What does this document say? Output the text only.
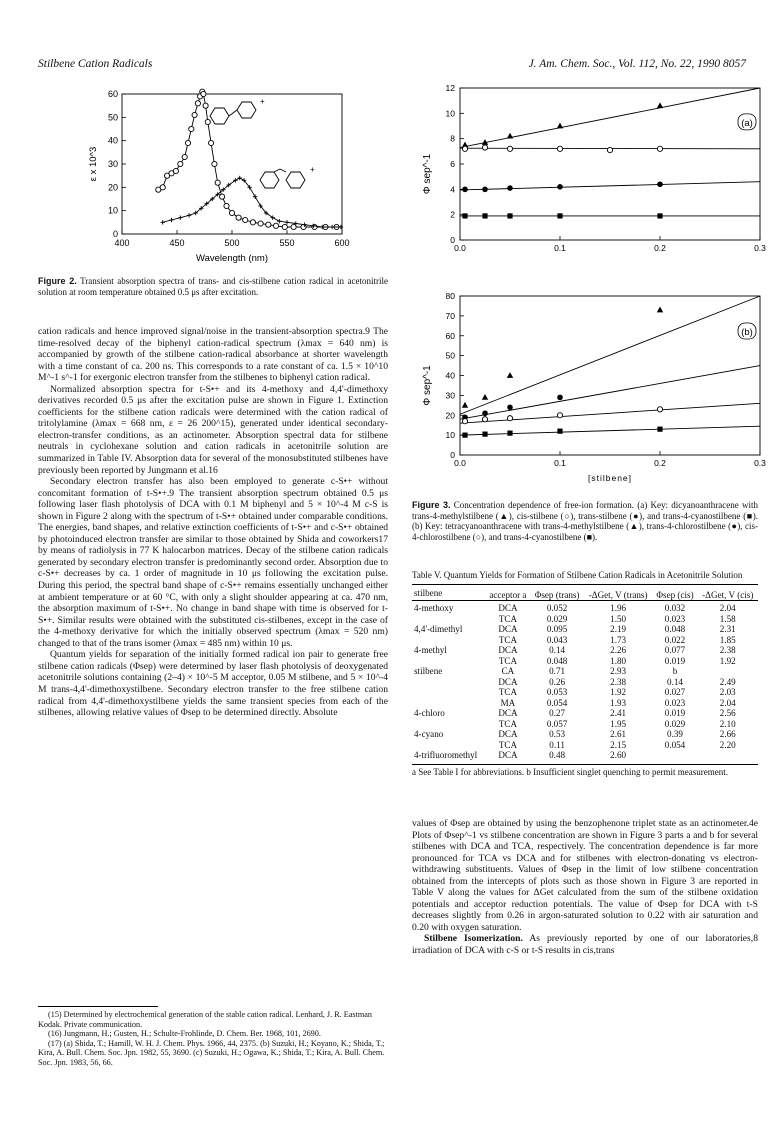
Stilbene Cation Radicals	J. Am. Chem. Soc., Vol. 112, No. 22, 1990 8057
400	450	500	550	600
0
10
20
30
40
50
60
Wavelength (nm)
ε x 10^3
+
+
Figure 2. Transient absorption spectra of trans- and cis-stilbene cation radical in acetonitrile solution at room temperature obtained 0.5 μs after excitation.

cation radicals and hence improved signal/noise in the transient-absorption spectra.9 The time-resolved decay of the biphenyl cation-radical spectrum (λmax = 640 nm) is accompanied by growth of the stilbene cation-radical absorbance at shorter wavelength with a time constant of ca. 200 ns. This corresponds to a rate constant of ca. 1.5 × 10^10 M^-1 s^-1 for exergonic electron transfer from the stilbenes to biphenyl cation radical.

Normalized absorption spectra for t-S•+ and its 4-methoxy and 4,4'-dimethoxy derivatives recorded 0.5 μs after the excitation pulse are shown in Figure 1. Extinction coefficients for the stilbene cation radicals were determined with the cation radical of tritolylamine (λmax = 668 nm, ε = 26 200^15), generated under identical secondary-electron-transfer conditions, as an actinometer. Absorption spectral data for stilbene neutrals in cyclohexane solution and cation radicals in acetonitrile solution are summarized in Table IV. Absorption data for several of the monosubstituted stilbenes have previously been reported by Jungmann et al.16

Secondary electron transfer has also been employed to generate c-S•+ without concomitant formation of t-S•+.9 The transient absorption spectrum obtained 0.5 μs following laser flash photolysis of DCA with 0.1 M biphenyl and 5 × 10^-4 M c-S is shown in Figure 2 along with the spectrum of t-S•+ obtained under comparable conditions. The energies, band shapes, and relative extinction coefficients of t-S•+ and c-S•+ obtained by photoinduced electron transfer are similar to those obtained by Shida and coworkers17 by means of radiolysis in 77 K halocarbon matrices. Decay of the stilbene cation radicals generated by secondary electron transfer is predominantly second order. Absorption due to c-S•+ decreases by ca. 1 order of magnitude in 10 μs following the excitation pulse. During this period, the spectral band shape of c-S•+ remains essentially unchanged either at ambient temperature or at 60 °C, with only a slight shoulder appearing at ca. 470 nm, the absorption maximum of t-S•+. No change in band shape with time is observed for t-S•+. Similar results were obtained with the substituted cis-stilbenes, except in the case of the 4-methoxy derivative for which the initially observed spectrum (λmax = 520 nm) changed to that of the trans isomer (λmax = 485 nm) within 10 μs.

Quantum yields for separation of the initially formed radical ion pair to generate free stilbene cation radicals (Φsep) were determined by laser flash photolysis of deoxygenated acetonitrile solutions containing (2–4) × 10^-5 M acceptor, 0.05 M stilbene, and 5 × 10^-4 M trans-4,4'-dimethoxystilbene. Secondary electron transfer to the free stilbene cation radical from 4,4'-dimethoxystilbene yields the same transient species from each of the stilbenes, allowing relative values of Φsep to be determined directly. Absolute

(15) Determined by electrochemical generation of the stable cation radical. Lenhard, J. R. Eastman Kodak. Private communication.

(16) Jungmann, H.; Gusten, H.; Schulte-Frohlinde, D. Chem. Ber. 1968, 101, 2690.

(17) (a) Shida, T.; Hamill, W. H. J. Chem. Phys. 1966, 44, 2375. (b) Suzuki, H.; Koyano, K.; Shida, T.; Kira, A. Bull. Chem. Soc. Jpn. 1982, 55, 3690. (c) Suzuki, H.; Ogawa, K.; Shida, T.; Kira, A. Bull. Chem. Soc. Jpn. 1983, 56, 66.

0.0	0.1	0.2	0.3
0
2
4
6
8
10
12
Φ sep^-1
(a)
0.0	0.1	0.2	0.3
0
10
20
30
40
50
60
70
80
Φ sep^-1
[stilbene]
(b)
Figure 3. Concentration dependence of free-ion formation. (a) Key: dicyanoanthracene with trans-4-methylstilbene (▲), cis-stilbene (○), trans-stilbene (●), and trans-4-cyanostilbene (■). (b) Key: tetracyanoanthracene with trans-4-methylstilbene (▲), trans-4-chlorostilbene (●), cis-4-chlorostilbene (○), and trans-4-cyanostilbene (■).
Table V. Quantum Yields for Formation of Stilbene Cation Radicals in Acetonitrile Solution
stilbene	acceptor a	Φsep (trans)	-ΔGet, V (trans)	Φsep (cis)	-ΔGet, V (cis)
4-methoxy	DCA	0.052	1.96	0.032	2.04
	TCA	0.029	1.50	0.023	1.58
4,4'-dimethyl	DCA	0.095	2.19	0.048	2.31
	TCA	0.043	1.73	0.022	1.85
4-methyl	DCA	0.14	2.26	0.077	2.38
	TCA	0.048	1.80	0.019	1.92
stilbene	CA	0.71	2.93	b	
	DCA	0.26	2.38	0.14	2.49
	TCA	0.053	1.92	0.027	2.03
	MA	0.054	1.93	0.023	2.04
4-chloro	DCA	0.27	2.41	0.019	2.56
	TCA	0.057	1.95	0.029	2.10
4-cyano	DCA	0.53	2.61	0.39	2.66
	TCA	0.11	2.15	0.054	2.20
4-trifluoromethyl	DCA	0.48	2.60		
a See Table I for abbreviations. b Insufficient singlet quenching to permit measurement.

values of Φsep are obtained by using the benzophenone triplet state as an actinometer.4e Plots of Φsep^-1 vs stilbene concentration are shown in Figure 3 parts a and b for several stilbenes with DCA and TCA, respectively. The concentration dependence is far more pronounced for TCA vs DCA and for stilbenes with electron-donating vs electron-withdrawing substituents. Values of Φsep in the limit of low stilbene concentration obtained from the intercepts of plots such as those shown in Figure 3 are reported in Table V along the values for ΔGet calculated from the sum of the stilbene oxidation potentials and acceptor reduction potentials. The value of Φsep for DCA with t-S decreases slightly from 0.26 in argon-saturated solution to 0.22 with air saturation and 0.20 with oxygen saturation.

Stilbene Isomerization. As previously reported by one of our laboratories,8 irradiation of DCA with c-S or t-S results in cis,trans
